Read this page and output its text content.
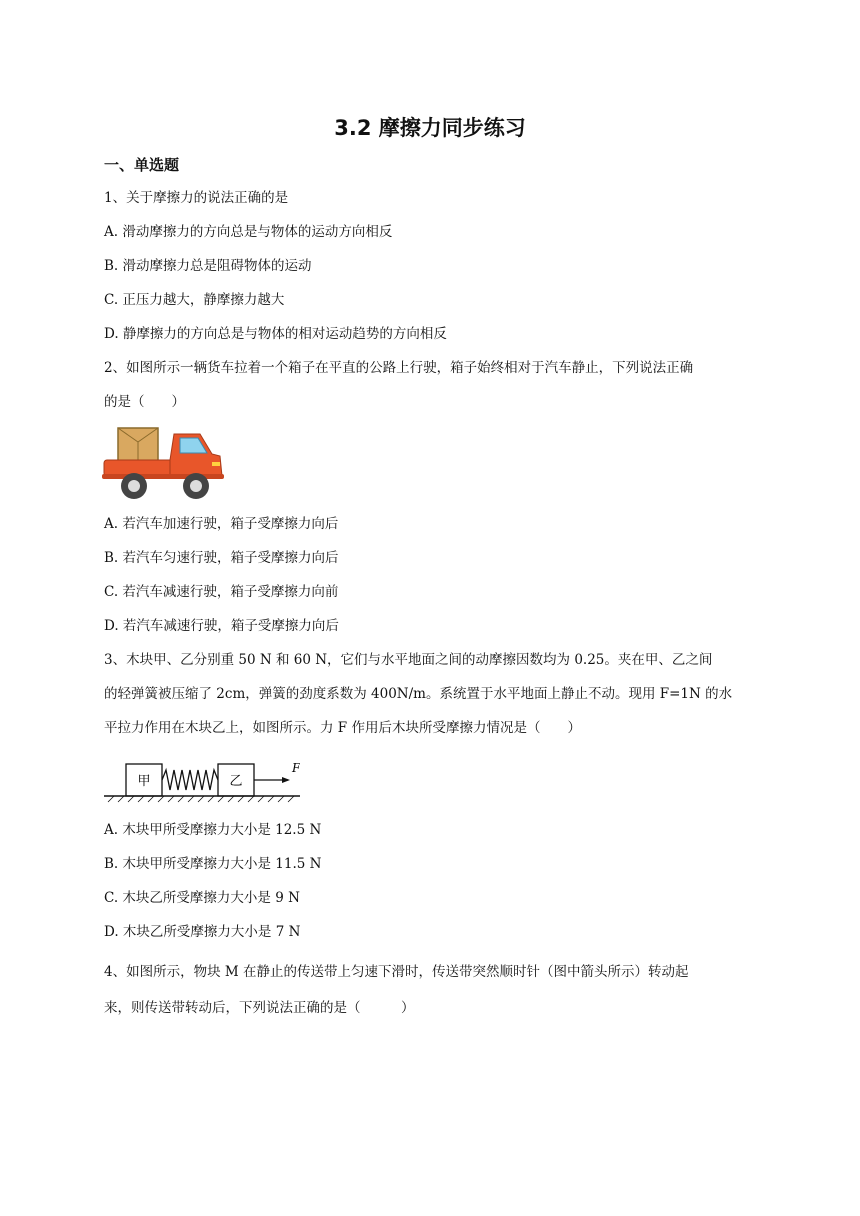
3.2 摩擦力同步练习
一、单选题
1、关于摩擦力的说法正确的是
A. 滑动摩擦力的方向总是与物体的运动方向相反
B. 滑动摩擦力总是阻碍物体的运动
C. 正压力越大，静摩擦力越大
D. 静摩擦力的方向总是与物体的相对运动趋势的方向相反
2、如图所示一辆货车拉着一个箱子在平直的公路上行驶，箱子始终相对于汽车静止，下列说法正确
的是（　　）
A. 若汽车加速行驶，箱子受摩擦力向后
B. 若汽车匀速行驶，箱子受摩擦力向后
C. 若汽车减速行驶，箱子受摩擦力向前
D. 若汽车减速行驶，箱子受摩擦力向后
3、木块甲、乙分别重 50 N 和 60 N，它们与水平地面之间的动摩擦因数均为 0.25。夹在甲、乙之间
的轻弹簧被压缩了 2cm，弹簧的劲度系数为 400N/m。系统置于水平地面上静止不动。现用 F=1N 的水
平拉力作用在木块乙上，如图所示。力 F 作用后木块所受摩擦力情况是（　　）
甲	乙
F
A. 木块甲所受摩擦力大小是 12.5 N
B. 木块甲所受摩擦力大小是 11.5 N
C. 木块乙所受摩擦力大小是 9 N
D. 木块乙所受摩擦力大小是 7 N
4、如图所示，物块 M 在静止的传送带上匀速下滑时，传送带突然顺时针（图中箭头所示）转动起
来，则传送带转动后，下列说法正确的是（　　　）
